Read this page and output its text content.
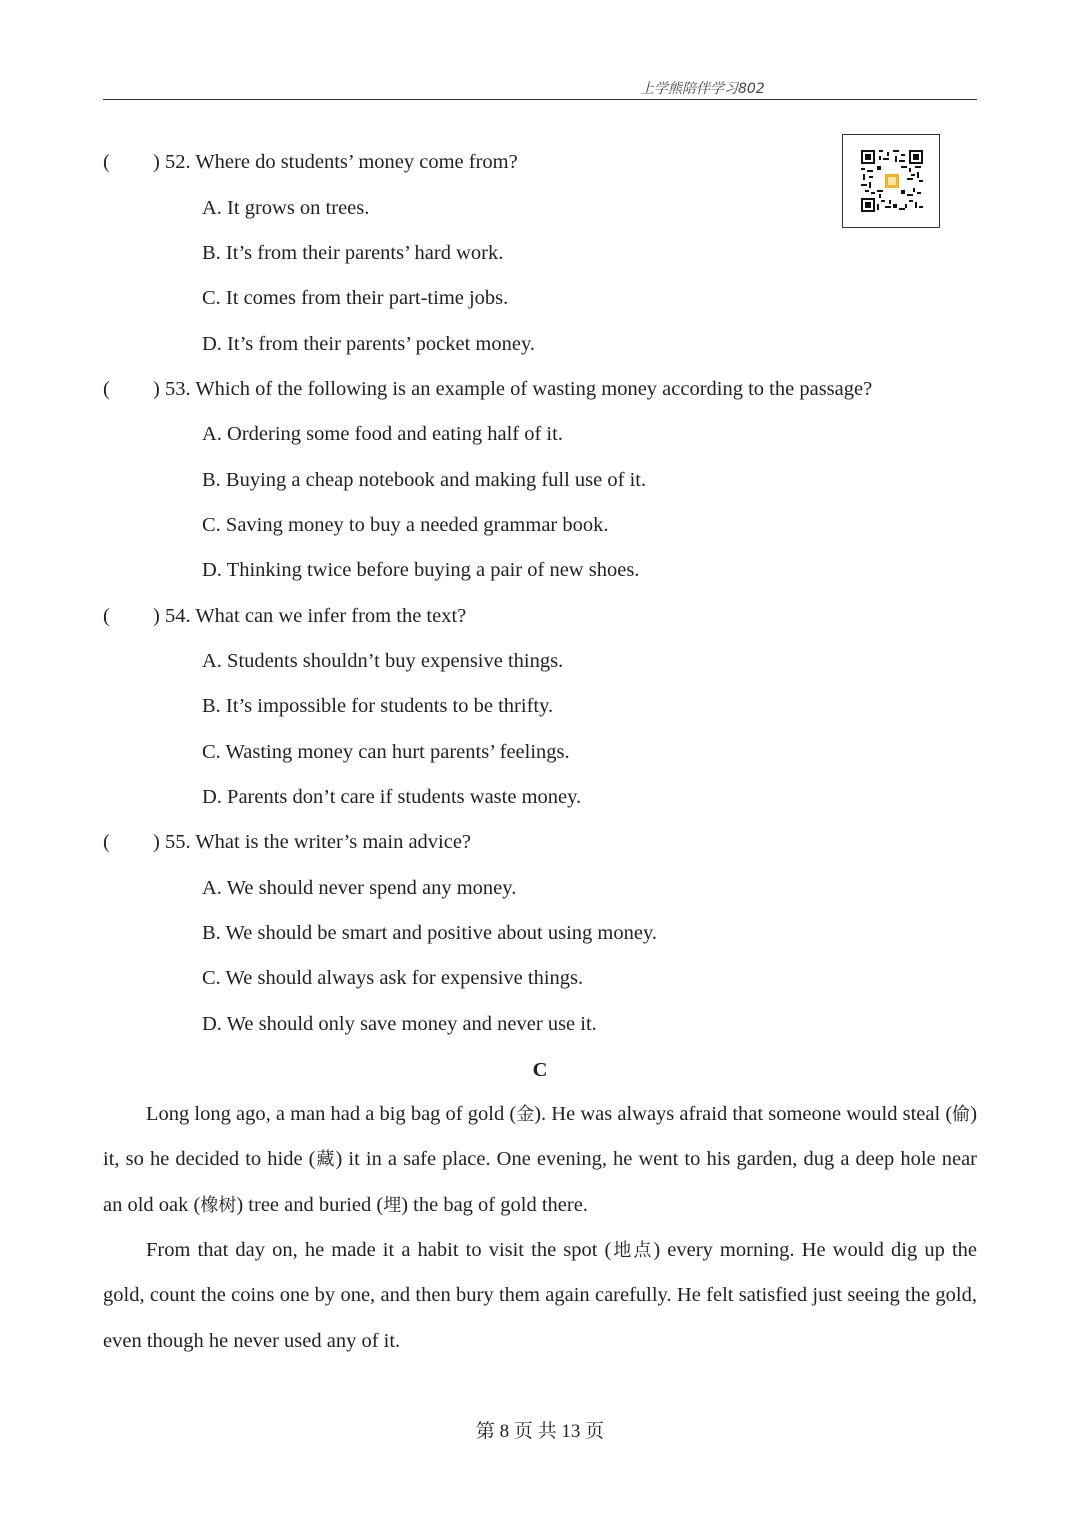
上学熊陪伴学习802
( ) 52. Where do students’ money come from?
A. It grows on trees.
B. It’s from their parents’ hard work.
C. It comes from their part-time jobs.
D. It’s from their parents’ pocket money.
( ) 53. Which of the following is an example of wasting money according to the passage?
A. Ordering some food and eating half of it.
B. Buying a cheap notebook and making full use of it.
C. Saving money to buy a needed grammar book.
D. Thinking twice before buying a pair of new shoes.
( ) 54. What can we infer from the text?
A. Students shouldn’t buy expensive things.
B. It’s impossible for students to be thrifty.
C. Wasting money can hurt parents’ feelings.
D. Parents don’t care if students waste money.
( ) 55. What is the writer’s main advice?
A. We should never spend any money.
B. We should be smart and positive about using money.
C. We should always ask for expensive things.
D. We should only save money and never use it.
C

Long long ago, a man had a big bag of gold (金). He was always afraid that someone would steal (偷) it, so he decided to hide (藏) it in a safe place. One evening, he went to his garden, dug a deep hole near an old oak (橡树) tree and buried (埋) the bag of gold there.

From that day on, he made it a habit to visit the spot (地点) every morning. He would dig up the gold, count the coins one by one, and then bury them again carefully. He felt satisfied just seeing the gold, even though he never used any of it.

第 8 页 共 13 页
